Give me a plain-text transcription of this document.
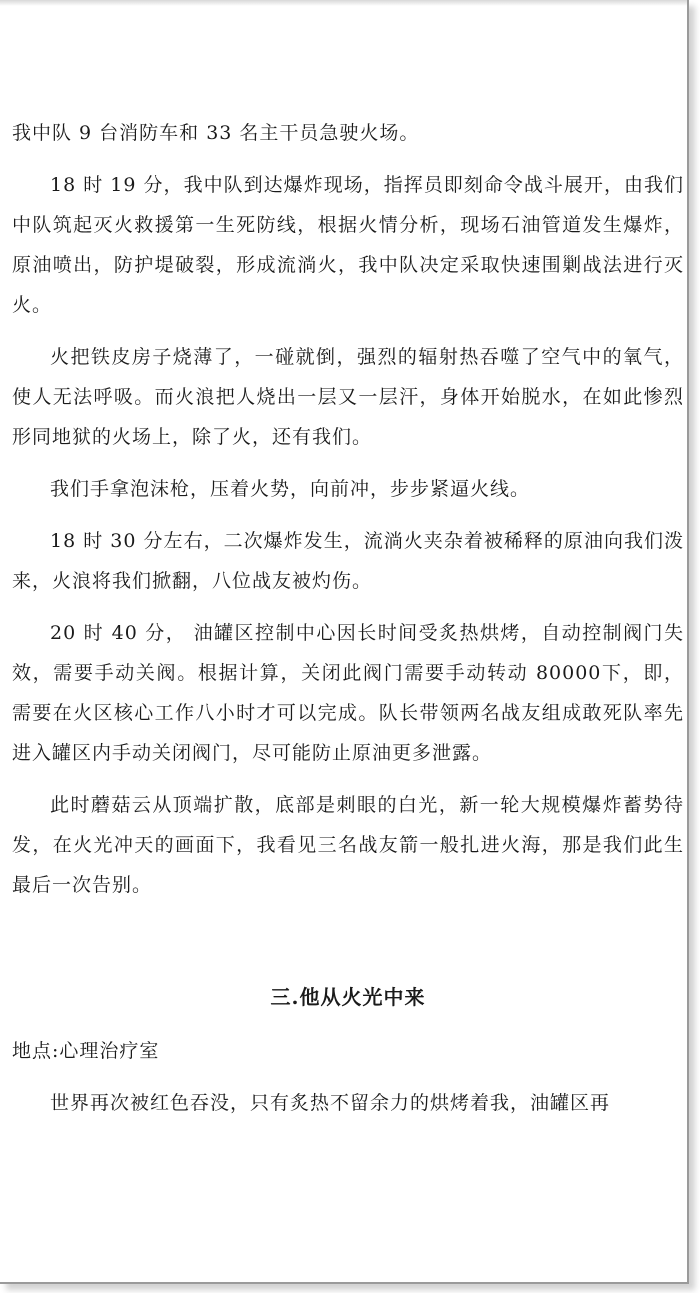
我中队 9 台消防车和 33 名主干员急驶火场。

18 时 19 分，我中队到达爆炸现场，指挥员即刻命令战斗展开，由我们中队筑起灭火救援第一生死防线，根据火情分析，现场石油管道发生爆炸，原油喷出，防护堤破裂，形成流淌火，我中队决定采取快速围剿战法进行灭火。

火把铁皮房子烧薄了，一碰就倒，强烈的辐射热吞噬了空气中的氧气，使人无法呼吸。而火浪把人烧出一层又一层汗，身体开始脱水，在如此惨烈形同地狱的火场上，除了火，还有我们。

我们手拿泡沫枪，压着火势，向前冲，步步紧逼火线。

18 时 30 分左右，二次爆炸发生，流淌火夹杂着被稀释的原油向我们泼来，火浪将我们掀翻，八位战友被灼伤。

20 时 40 分， 油罐区控制中心因长时间受炙热烘烤，自动控制阀门失效，需要手动关阀。根据计算，关闭此阀门需要手动转动 80000下，即，需要在火区核心工作八小时才可以完成。队长带领两名战友组成敢死队率先进入罐区内手动关闭阀门，尽可能防止原油更多泄露。

此时蘑菇云从顶端扩散，底部是刺眼的白光，新一轮大规模爆炸蓄势待发，在火光冲天的画面下，我看见三名战友箭一般扎进火海，那是我们此生最后一次告别。

三.他从火光中来

地点:心理治疗室

世界再次被红色吞没，只有炙热不留余力的烘烤着我，油罐区再
